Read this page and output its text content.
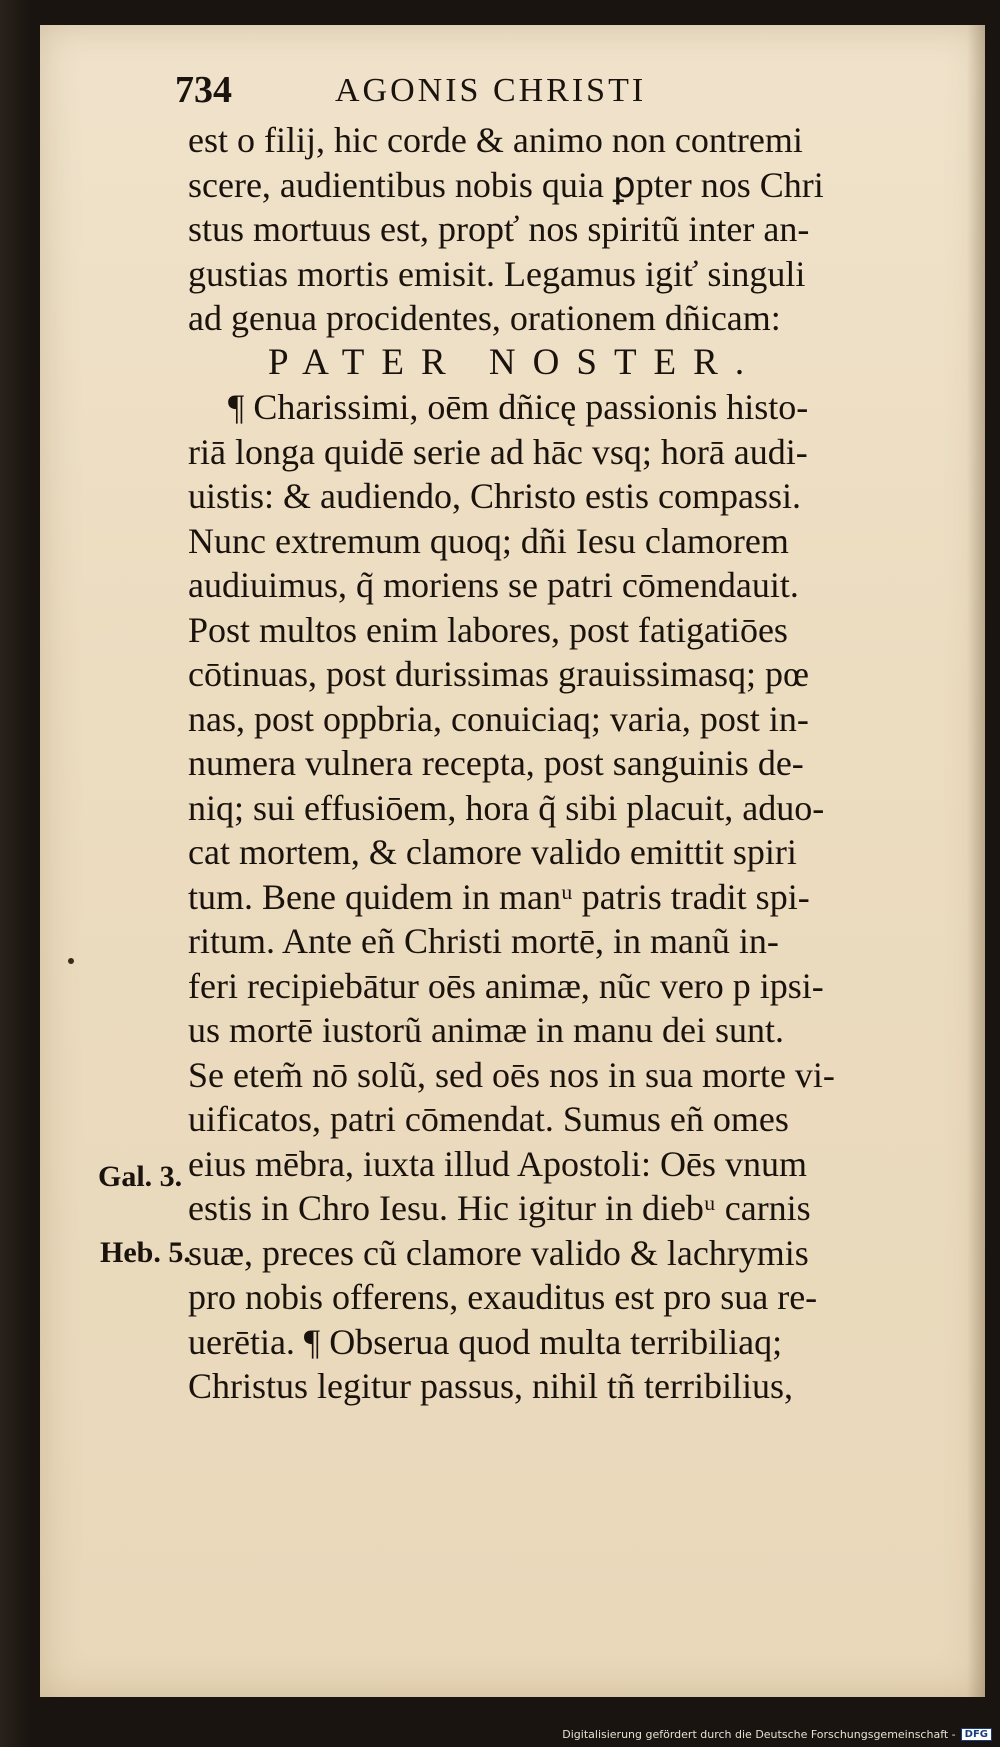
734	AGONIS CHRISTI
est o filij, hic corde & animo non contremi
scere, audientibus nobis quia ꝑpter nos Chri
stus mortuus est, propť nos spiritũ inter an-
gustias mortis emisit. Legamus igiť singuli
ad genua procidentes, orationem dñicam:
PATER NOSTER.
¶ Charissimi, oēm dñicę passionis histo-
riā longa quidē serie ad hāc vsq; horā audi-
uistis: & audiendo, Christo estis compassi.
Nunc extremum quoq; dñi Iesu clamorem
audiuimus, q̃ moriens se patri cōmendauit.
Post multos enim labores, post fatigatiōes
cōtinuas, post durissimas grauissimasq; pœ
nas, post oppbria, conuiciaq; varia, post in-
numera vulnera recepta, post sanguinis de-
niq; sui effusiōem, hora q̃ sibi placuit, aduo-
cat mortem, & clamore valido emittit spiri
tum. Bene quidem in manᵘ patris tradit spi-
ritum. Ante eñ Christi mortē, in manũ in-
feri recipiebātur oēs animæ, nũc vero p ipsi-
us mortē iustorũ animæ in manu dei sunt.
Se etem̃ nō solũ, sed oēs nos in sua morte vi-
uificatos, patri cōmendat. Sumus eñ omes
eius mēbra, iuxta illud Apostoli: Oēs vnum
estis in Chro Iesu. Hic igitur in diebᵘ carnis
suæ, preces cũ clamore valido & lachrymis
pro nobis offerens, exauditus est pro sua re-
uerētia. ¶ Obserua quod multa terribiliaq;
Christus legitur passus, nihil tñ terribilius,
Gal. 3.
Heb. 5.
Digitalisierung gefördert durch die Deutsche Forschungsgemeinschaft - DFG
